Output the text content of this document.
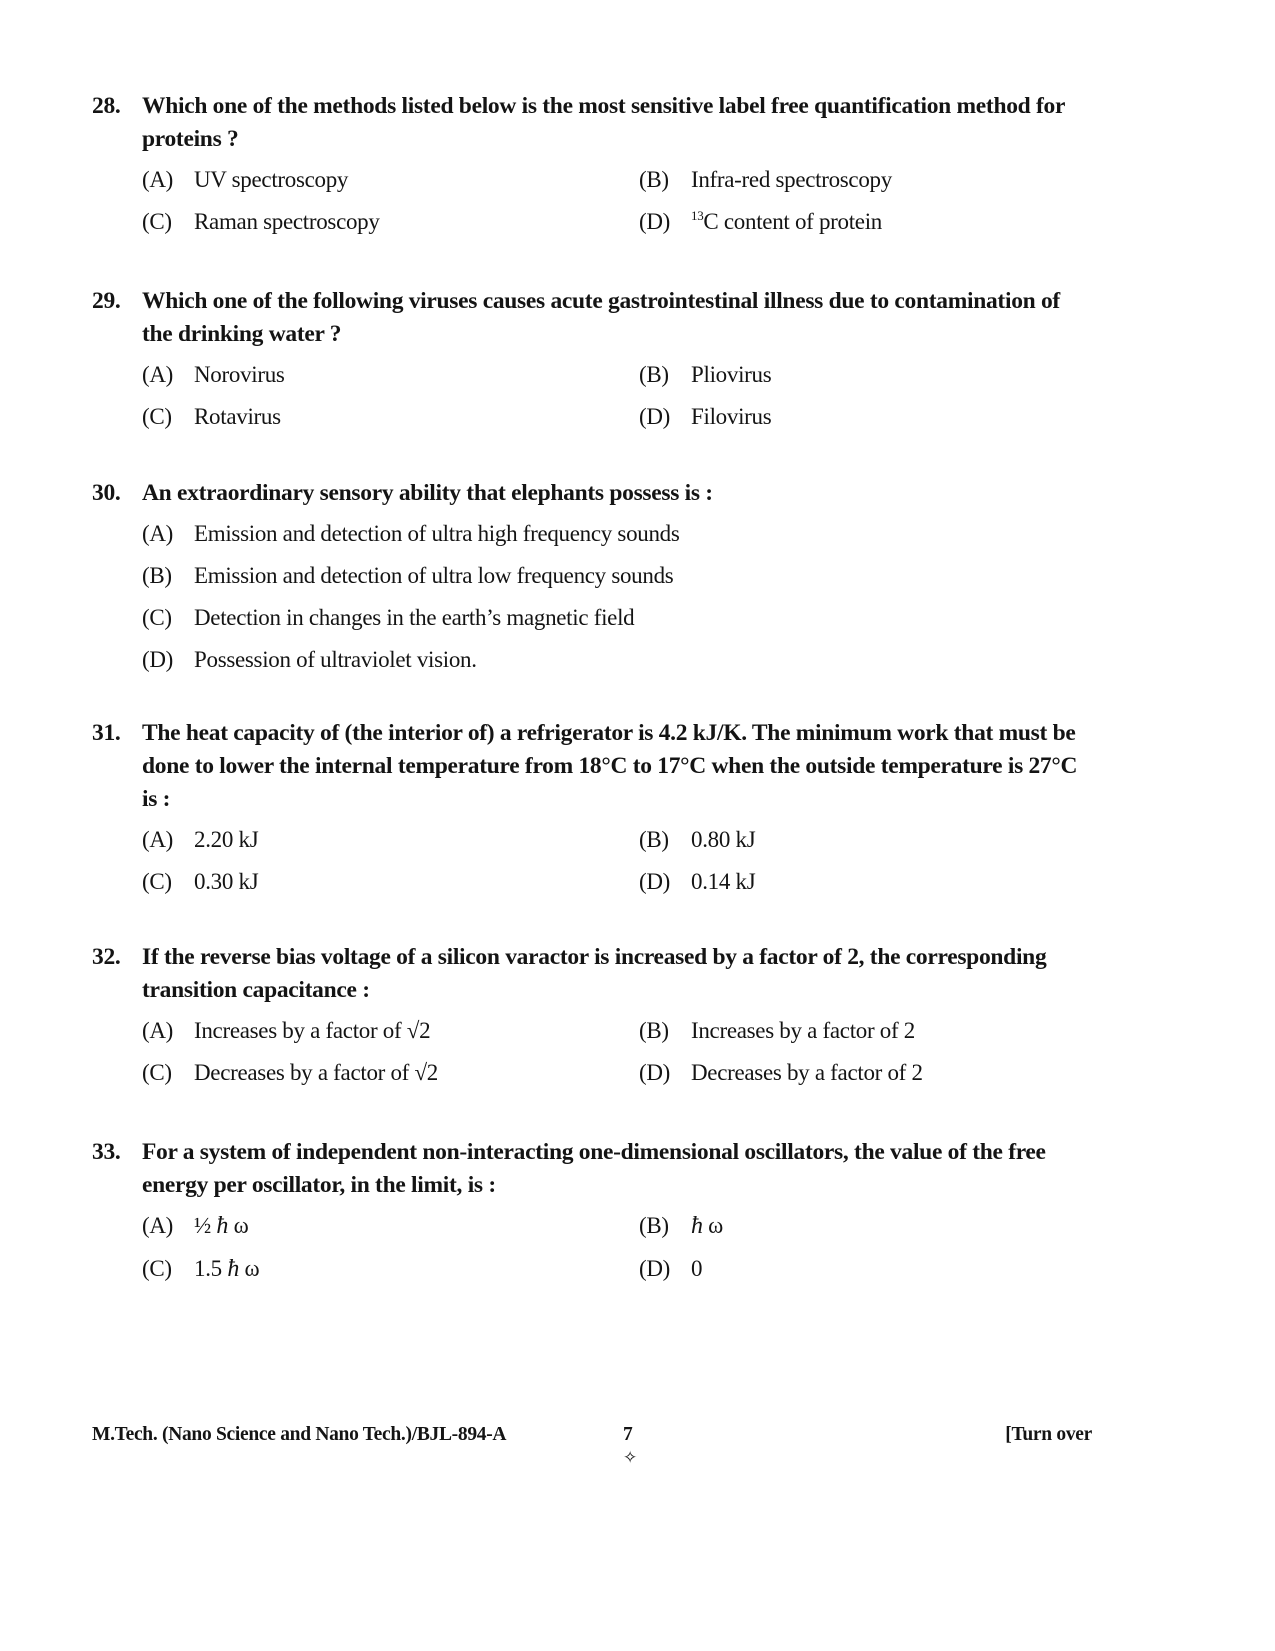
28. Which one of the methods listed below is the most sensitive label free quantification method for proteins ?
(A) UV spectroscopy	(B) Infra-red spectroscopy
(C) Raman spectroscopy	(D)	$^{13}$C content of protein
29. Which one of the following viruses causes acute gastrointestinal illness due to contamination of the drinking water ?
(A) Norovirus	(B) Pliovirus
(C) Rotavirus	(D) Filovirus
30. An extraordinary sensory ability that elephants possess is :
(A) Emission and detection of ultra high frequency sounds
(B) Emission and detection of ultra low frequency sounds
(C) Detection in changes in the earth’s magnetic field
(D) Possession of ultraviolet vision.
31. The heat capacity of (the interior of) a refrigerator is 4.2 kJ/K. The minimum work that must be done to lower the internal temperature from 18°C to 17°C when the outside temperature is 27°C is :
(A) 2.20 kJ	(B) 0.80 kJ
(C) 0.30 kJ	(D) 0.14 kJ
32. If the reverse bias voltage of a silicon varactor is increased by a factor of 2, the corresponding transition capacitance :
(A) Increases by a factor of √2	(B) Increases by a factor of 2
(C) Decreases by a factor of √2	(D) Decreases by a factor of 2
33. For a system of independent non-interacting one-dimensional oscillators, the value of the free energy per oscillator, in the limit, is :
(A) ½ ħ ω	(B) ħ ω
(C) 1.5 ħ ω	(D) 0
M.Tech. (Nano Science and Nano Tech.)/BJL-894-A	7
✧
[Turn over
